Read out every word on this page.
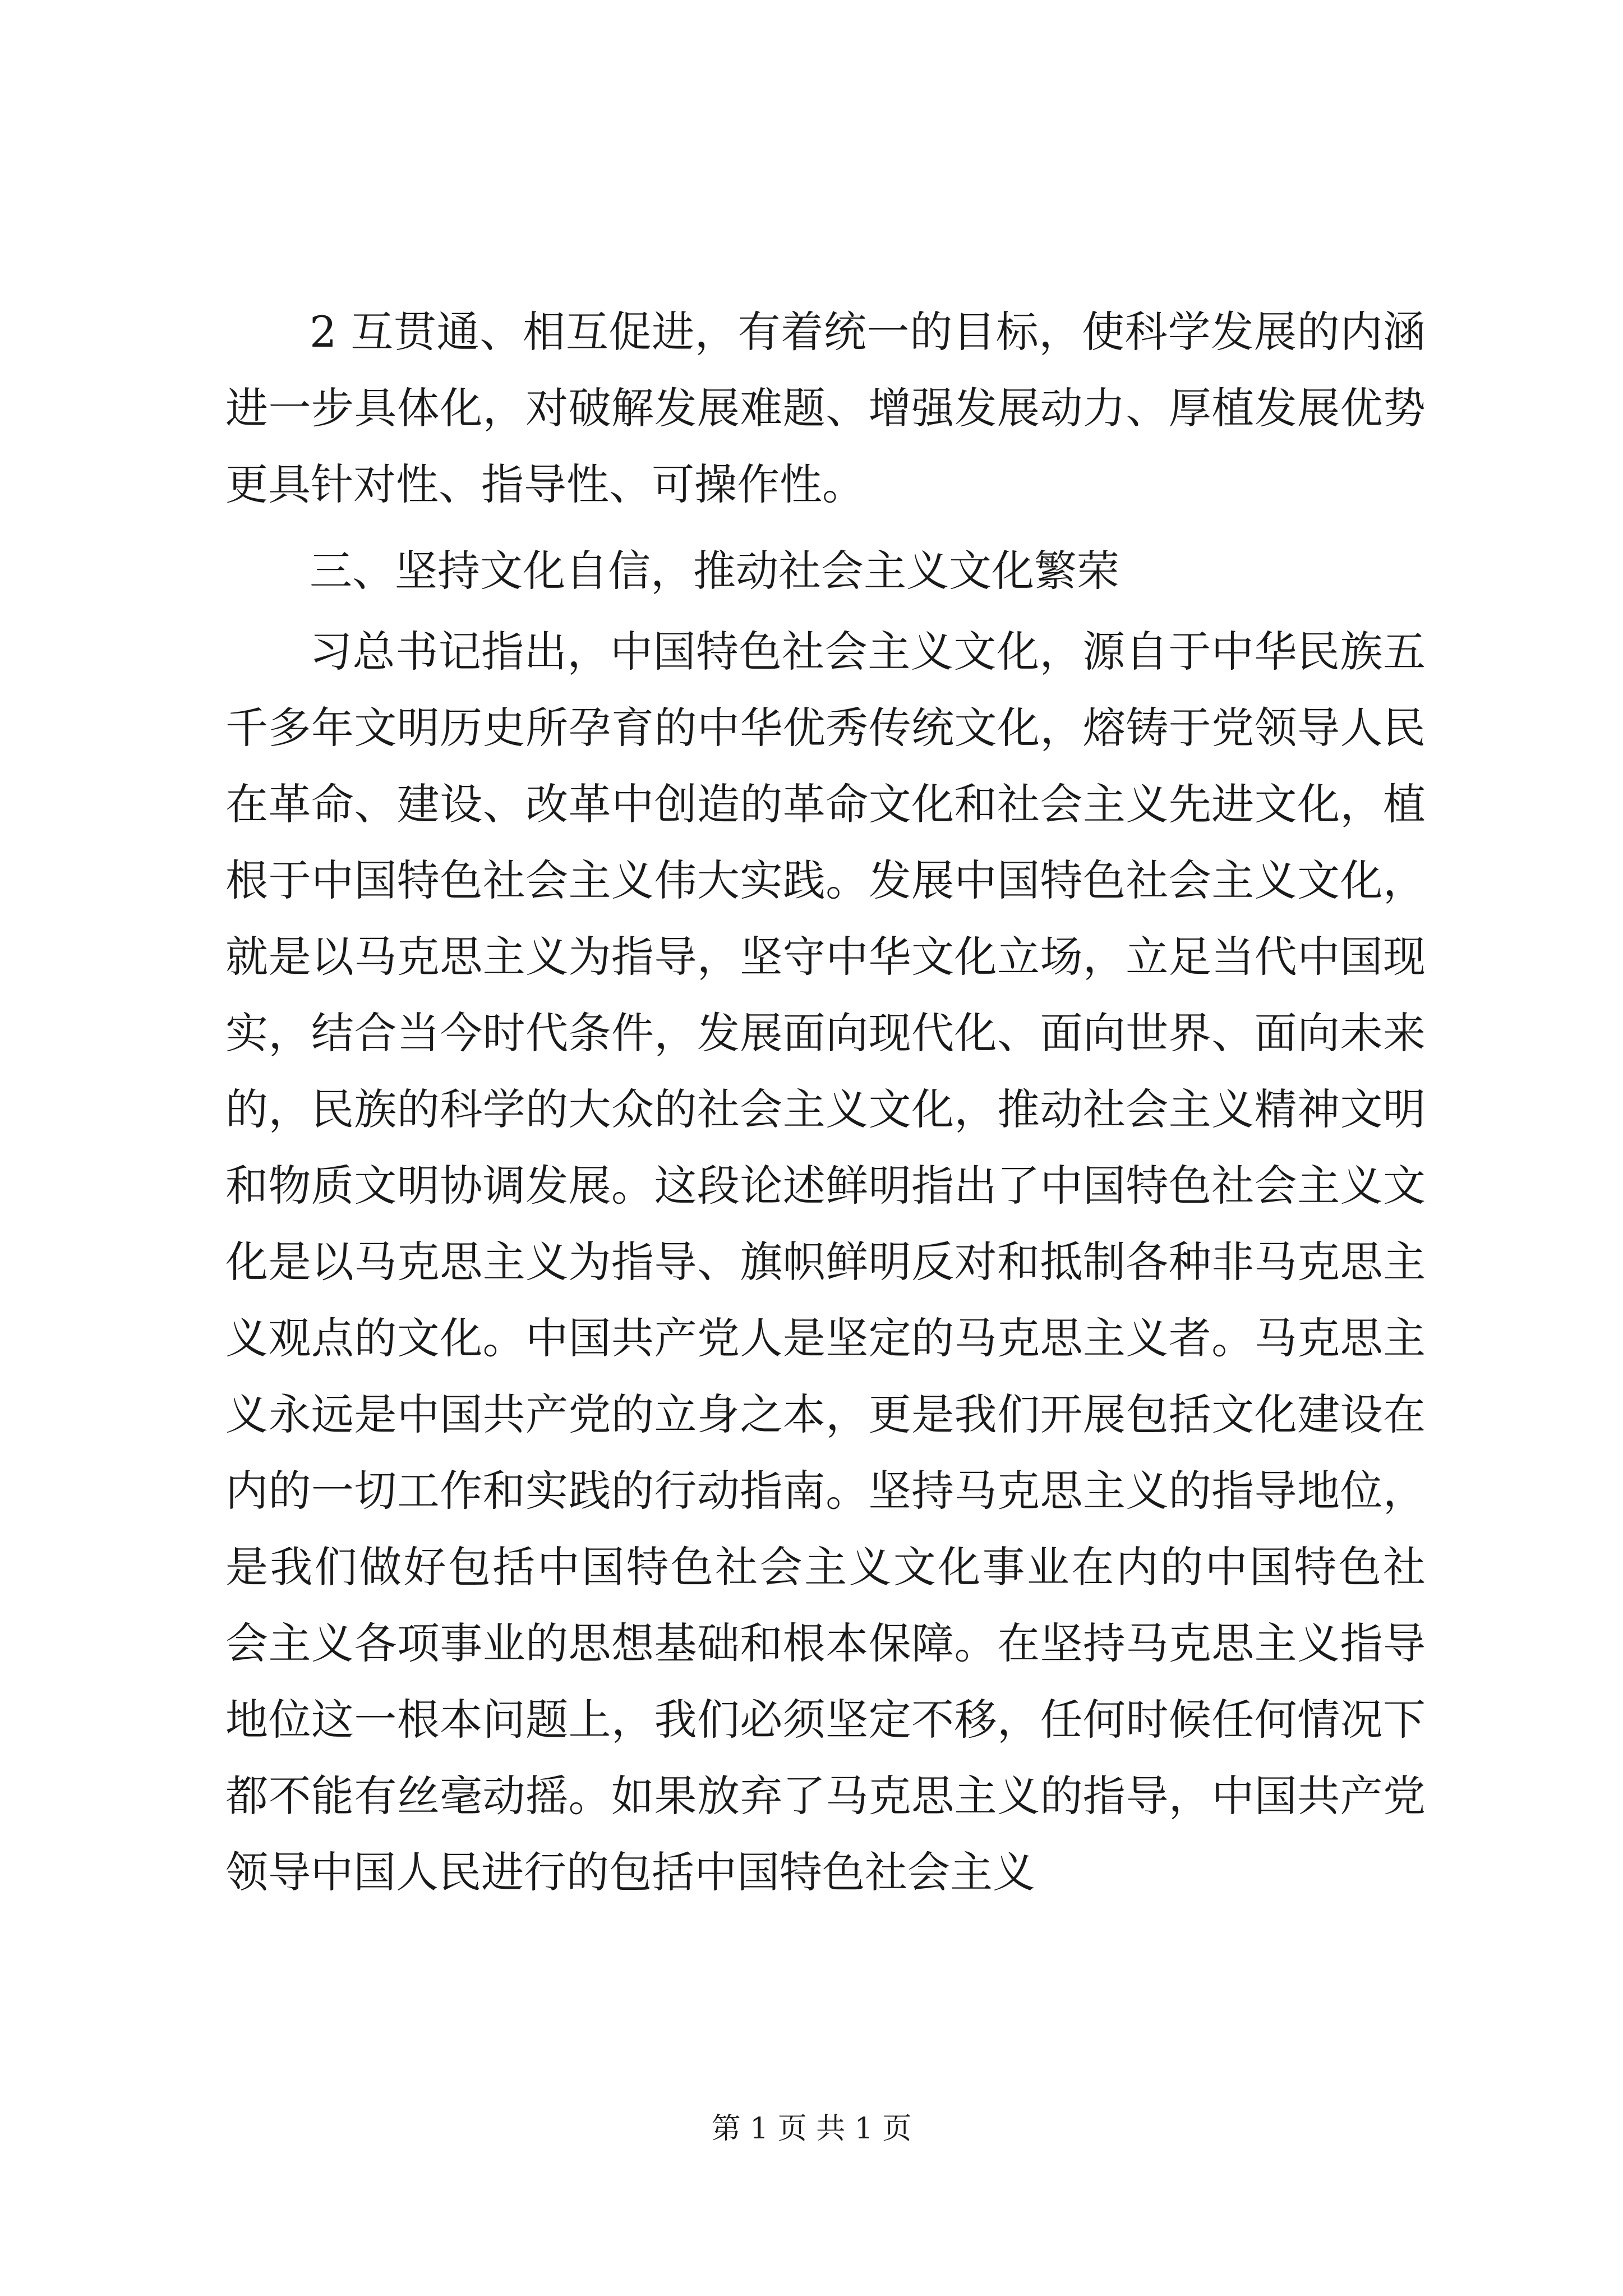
2 互贯通、相互促进，有着统一的目标，使科学发展的内涵
进一步具体化，对破解发展难题、增强发展动力、厚植发展优势
更具针对性、指导性、可操作性。
三、坚持文化自信，推动社会主义文化繁荣
习总书记指出，中国特色社会主义文化，源自于中华民族五
千多年文明历史所孕育的中华优秀传统文化，熔铸于党领导人民
在革命、建设、改革中创造的革命文化和社会主义先进文化，植
根于中国特色社会主义伟大实践。发展中国特色社会主义文化，
就是以马克思主义为指导，坚守中华文化立场，立足当代中国现
实，结合当今时代条件，发展面向现代化、面向世界、面向未来
的，民族的科学的大众的社会主义文化，推动社会主义精神文明
和物质文明协调发展。这段论述鲜明指出了中国特色社会主义文
化是以马克思主义为指导、旗帜鲜明反对和抵制各种非马克思主
义观点的文化。中国共产党人是坚定的马克思主义者。马克思主
义永远是中国共产党的立身之本，更是我们开展包括文化建设在
内的一切工作和实践的行动指南。坚持马克思主义的指导地位，
是我们做好包括中国特色社会主义文化事业在内的中国特色社
会主义各项事业的思想基础和根本保障。在坚持马克思主义指导
地位这一根本问题上，我们必须坚定不移，任何时候任何情况下
都不能有丝毫动摇。如果放弃了马克思主义的指导，中国共产党
领导中国人民进行的包括中国特色社会主义
第 1 页 共 1 页
